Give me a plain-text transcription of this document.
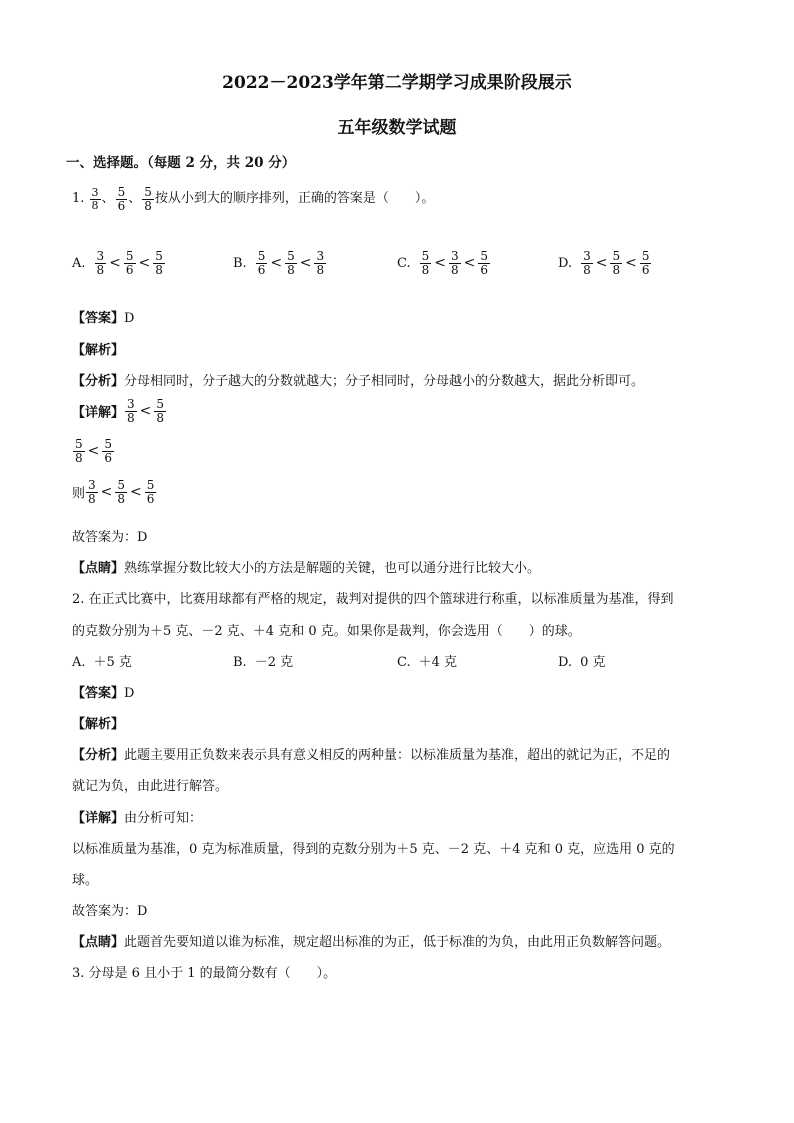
2022－2023学年第二学期学习成果阶段展示
五年级数学试题
一、选择题。（每题 2 分，共 20 分）
1. $\frac{3}{8}$ 、 $\frac{5}{6}$ 、 $\frac{5}{8}$ 按从小到大的顺序排列，正确的答案是（　　）。
A. $\frac{3}{8} < \frac{5}{6} < \frac{5}{8}$	B. $\frac{5}{6} < \frac{5}{8} < \frac{3}{8}$	C. $\frac{5}{8} < \frac{3}{8} < \frac{5}{6}$	D. $\frac{3}{8} < \frac{5}{8} < \frac{5}{6}$
【答案】D
【解析】
【分析】分母相同时，分子越大的分数就越大；分子相同时，分母越小的分数越大，据此分析即可。
【详解】 $\frac{3}{8} < \frac{5}{8}$
$\frac{5}{8} < \frac{5}{6}$
则 $\frac{3}{8} < \frac{5}{8} < \frac{5}{6}$
故答案为：D
【点睛】熟练掌握分数比较大小的方法是解题的关键，也可以通分进行比较大小。
2. 在正式比赛中，比赛用球都有严格的规定，裁判对提供的四个篮球进行称重，以标准质量为基准，得到
的克数分别为＋5 克、－2 克、＋4 克和 0 克。如果你是裁判，你会选用（　　）的球。
A. ＋5 克	B. －2 克	C. ＋4 克	D. 0 克
【答案】D
【解析】
【分析】此题主要用正负数来表示具有意义相反的两种量：以标准质量为基准，超出的就记为正，不足的
就记为负，由此进行解答。
【详解】由分析可知：
以标准质量为基准，0 克为标准质量，得到的克数分别为＋5 克、－2 克、＋4 克和 0 克，应选用 0 克的
球。
故答案为：D
【点睛】此题首先要知道以谁为标准，规定超出标准的为正，低于标准的为负，由此用正负数解答问题。
3. 分母是 6 且小于 1 的最简分数有（　　）。
